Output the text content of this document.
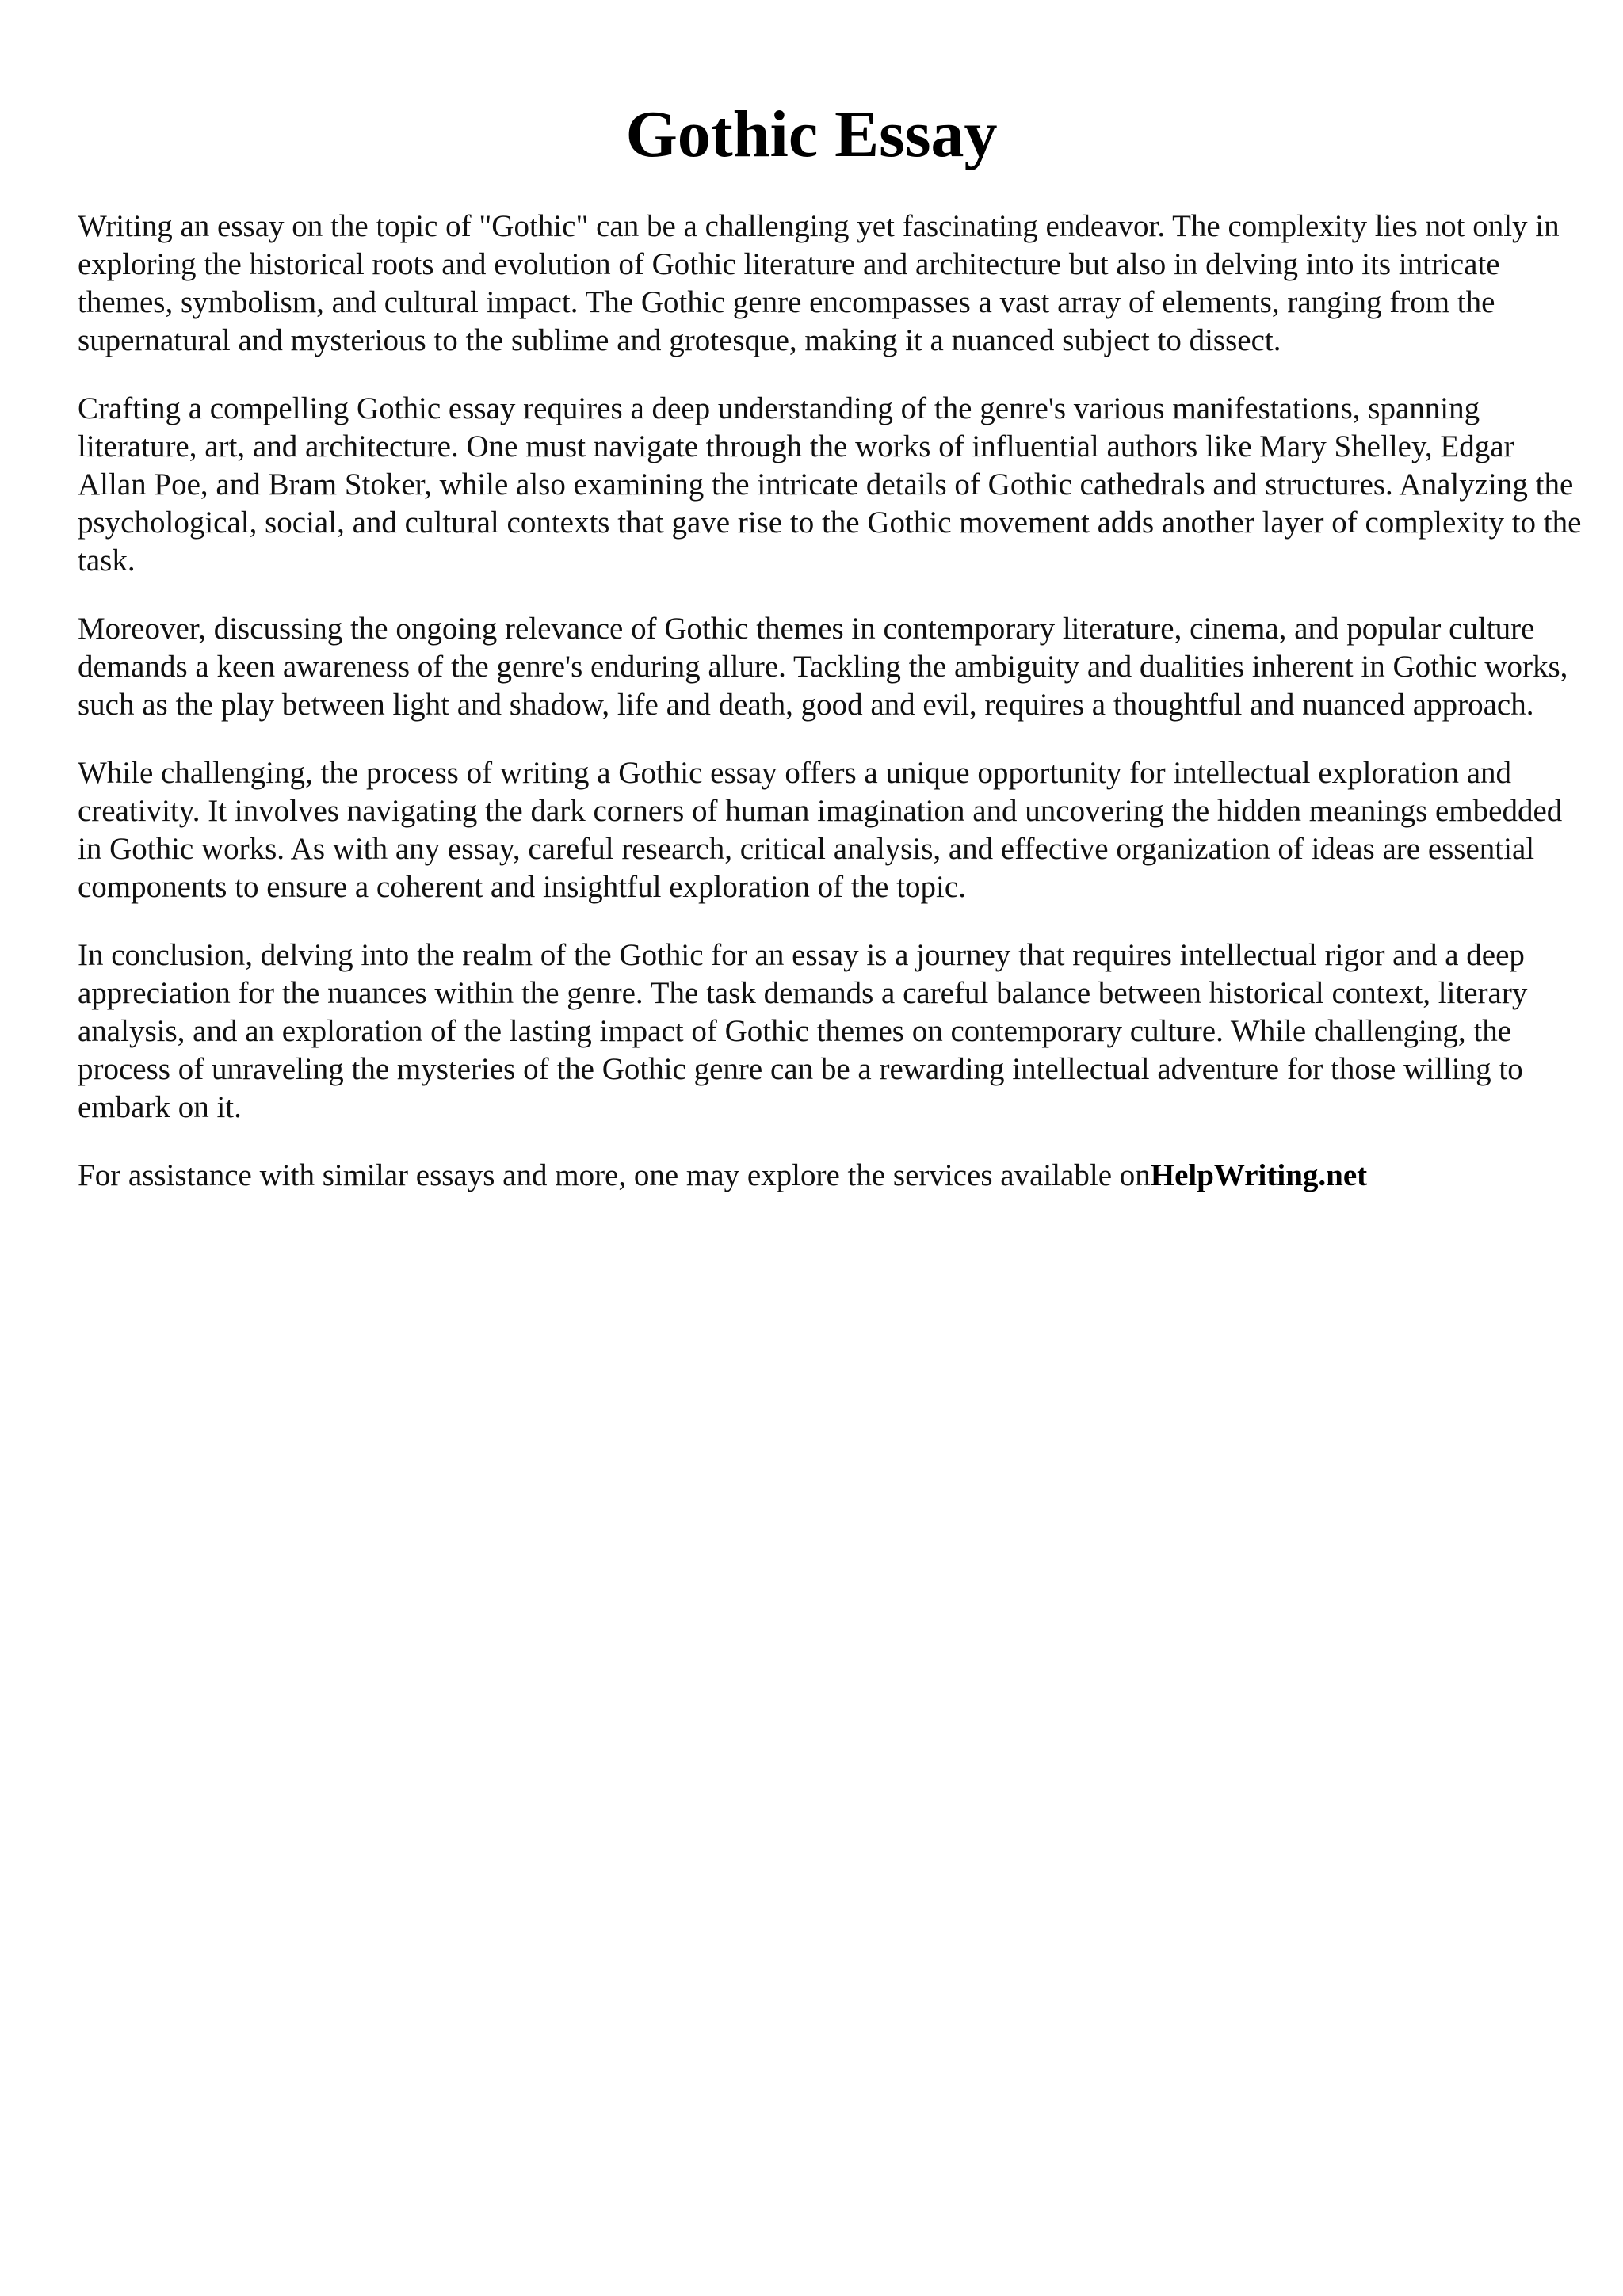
Gothic Essay

Writing an essay on the topic of "Gothic" can be a challenging yet fascinating endeavor. The complexity lies not only in exploring the historical roots and evolution of Gothic literature and architecture but also in delving into its intricate themes, symbolism, and cultural impact. The Gothic genre encompasses a vast array of elements, ranging from the supernatural and mysterious to the sublime and grotesque, making it a nuanced subject to dissect.

Crafting a compelling Gothic essay requires a deep understanding of the genre's various manifestations, spanning literature, art, and architecture. One must navigate through the works of influential authors like Mary Shelley, Edgar Allan Poe, and Bram Stoker, while also examining the intricate details of Gothic cathedrals and structures. Analyzing the psychological, social, and cultural contexts that gave rise to the Gothic movement adds another layer of complexity to the task.

Moreover, discussing the ongoing relevance of Gothic themes in contemporary literature, cinema, and popular culture demands a keen awareness of the genre's enduring allure. Tackling the ambiguity and dualities inherent in Gothic works, such as the play between light and shadow, life and death, good and evil, requires a thoughtful and nuanced approach.

While challenging, the process of writing a Gothic essay offers a unique opportunity for intellectual exploration and creativity. It involves navigating the dark corners of human imagination and uncovering the hidden meanings embedded in Gothic works. As with any essay, careful research, critical analysis, and effective organization of ideas are essential components to ensure a coherent and insightful exploration of the topic.

In conclusion, delving into the realm of the Gothic for an essay is a journey that requires intellectual rigor and a deep appreciation for the nuances within the genre. The task demands a careful balance between historical context, literary analysis, and an exploration of the lasting impact of Gothic themes on contemporary culture. While challenging, the process of unraveling the mysteries of the Gothic genre can be a rewarding intellectual adventure for those willing to embark on it.

For assistance with similar essays and more, one may explore the services available onHelpWriting.net
